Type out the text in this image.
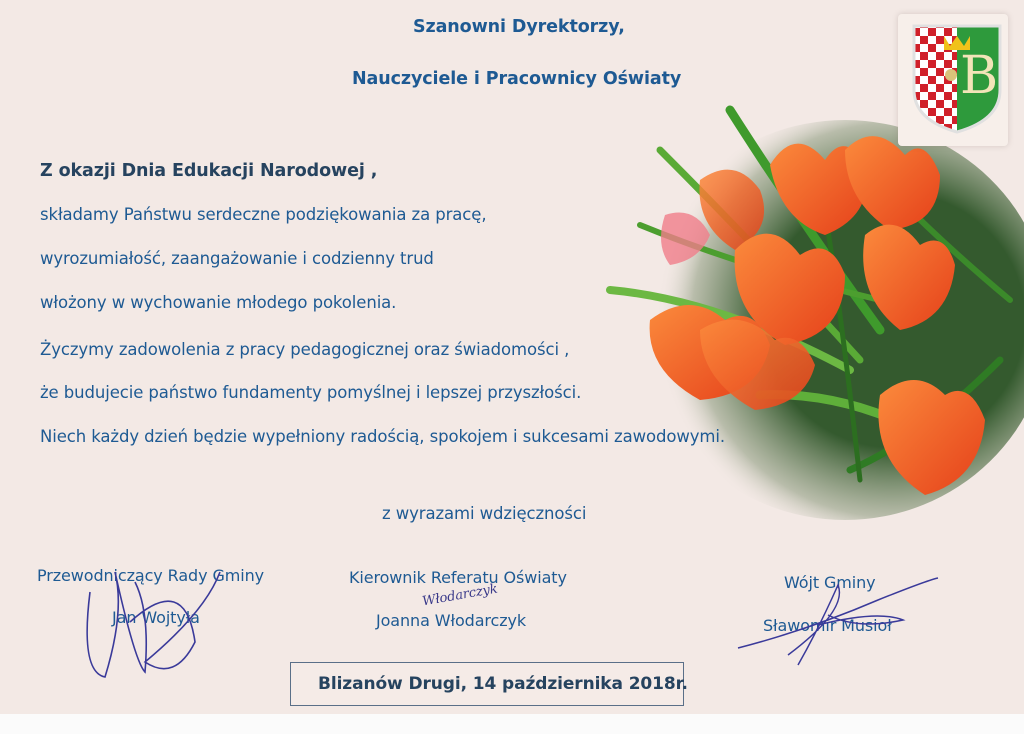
B
Szanowni Dyrektorzy,
Nauczyciele i Pracownicy Oświaty
Z okazji Dnia Edukacji Narodowej ,
składamy Państwu serdeczne podziękowania za pracę,
wyrozumiałość, zaangażowanie i codzienny trud
włożony w wychowanie młodego pokolenia.
Życzymy zadowolenia z pracy pedagogicznej oraz świadomości ,
że budujecie państwo fundamenty pomyślnej i lepszej przyszłości.
Niech każdy dzień będzie wypełniony radością, spokojem i sukcesami zawodowymi.
z wyrazami wdzięczności
Przewodniczący Rady Gminy
Jan Wojtyła
Kierownik Referatu Oświaty
Joanna Włodarczyk
Wójt Gminy
Sławomir Musioł
Włodarczyk
Blizanów Drugi, 14 października 2018r.
